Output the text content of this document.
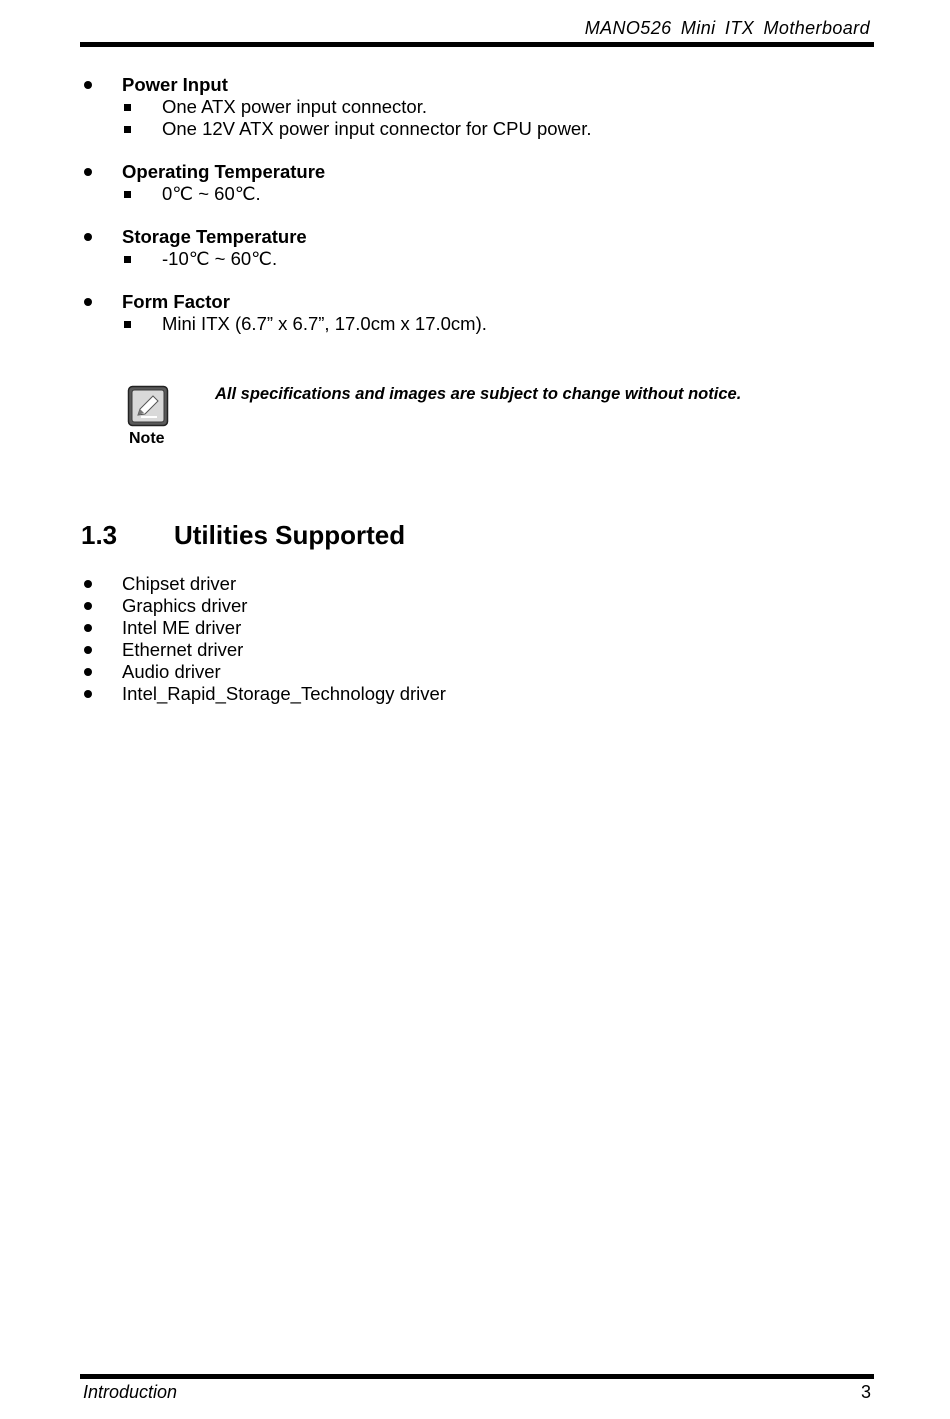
MANO526 Mini ITX Motherboard
Power Input
One ATX power input connector.
One 12V ATX power input connector for CPU power.
Operating Temperature
0℃ ~ 60℃.
Storage Temperature
-10℃ ~ 60℃.
Form Factor
Mini ITX (6.7” x 6.7”, 17.0cm x 17.0cm).
Note
All specifications and images are subject to change without notice.
1.3 Utilities Supported
Chipset driver
Graphics driver
Intel ME driver
Ethernet driver
Audio driver
Intel_Rapid_Storage_Technology driver
Introduction	3
